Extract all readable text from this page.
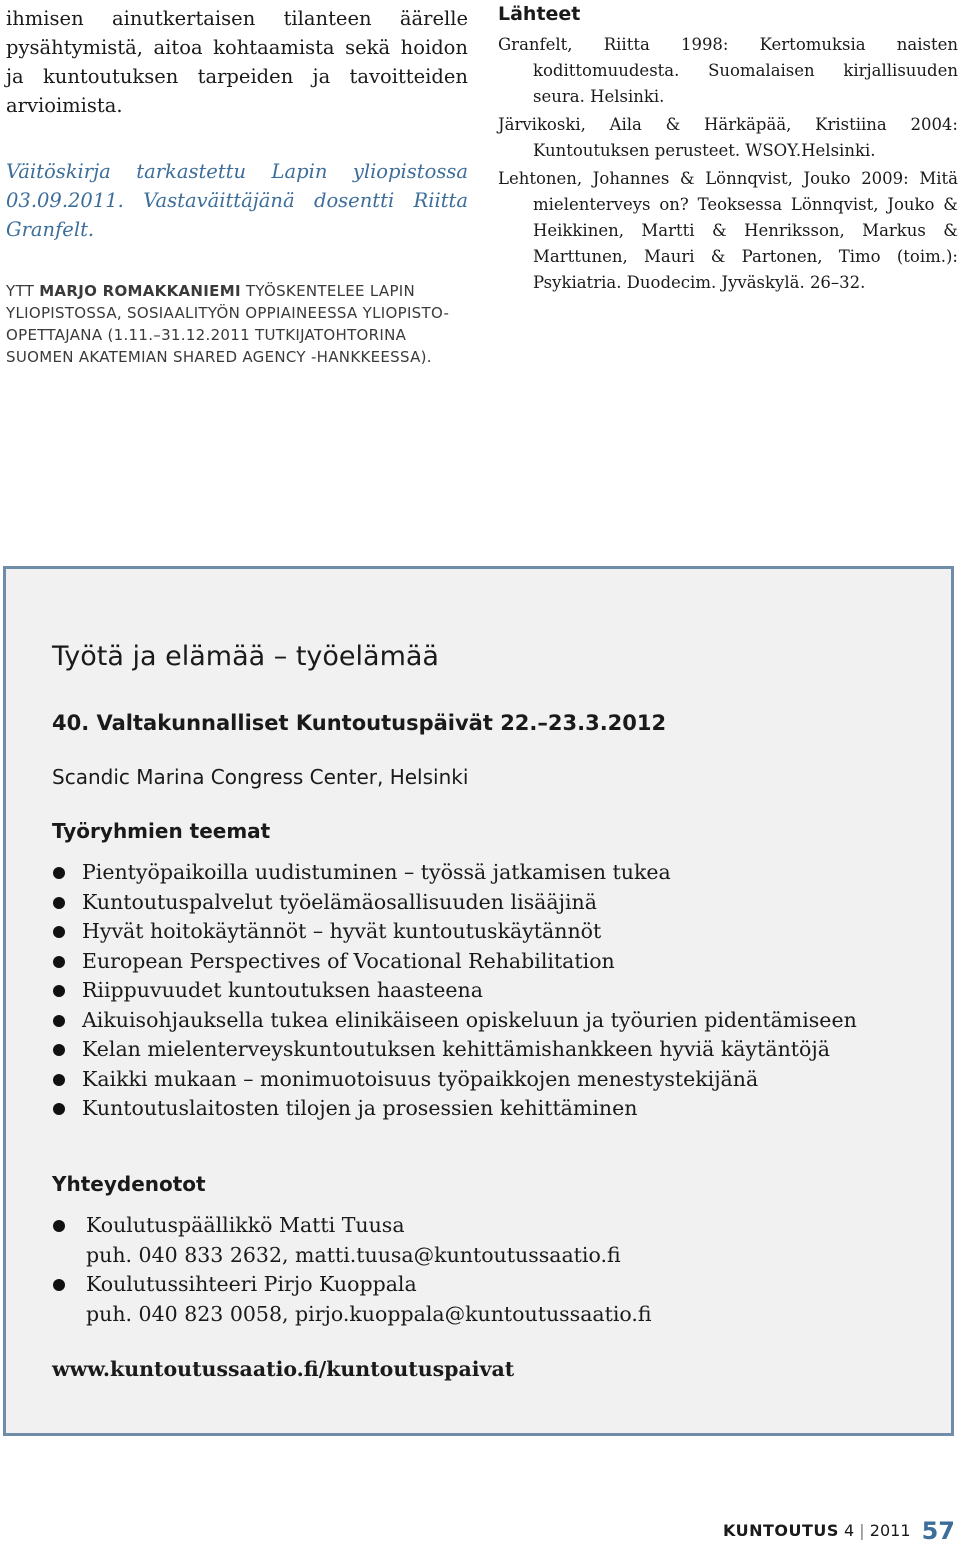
ihmisen ainutkertaisen tilanteen äärelle pysähtymistä, aitoa kohtaamista sekä hoidon ja kuntoutuksen tarpeiden ja tavoitteiden arvioimista.

Väitöskirja tarkastettu Lapin yliopistossa 03.09.2011. Vastaväittäjänä dosentti Riitta Granfelt.

YTT MARJO ROMAKKANIEMI TYÖSKENTELEE LAPIN YLIOPISTOSSA, SOSIAALITYÖN OPPIAINEESSA YLIOPISTO-OPETTAJANA (1.11.–31.12.2011 TUTKIJATOHTORINA SUOMEN AKATEMIAN SHARED AGENCY -HANKKEESSA).

Lähteet

Granfelt, Riitta 1998: Kertomuksia naisten kodittomuudesta. Suomalaisen kirjallisuuden seura. Helsinki.

Järvikoski, Aila & Härkäpää, Kristiina 2004: Kuntoutuksen perusteet. WSOY.Helsinki.

Lehtonen, Johannes & Lönnqvist, Jouko 2009: Mitä mielenterveys on? Teoksessa Lönnqvist, Jouko & Heikkinen, Martti & Henriksson, Markus & Marttunen, Mauri & Partonen, Timo (toim.): Psykiatria. Duodecim. Jyväskylä. 26–32.

Työtä ja elämää – työelämää
40. Valtakunnalliset Kuntoutuspäivät 22.–23.3.2012

Scandic Marina Congress Center, Helsinki

Työryhmien teemat
Pientyöpaikoilla uudistuminen – työssä jatkamisen tukea
Kuntoutuspalvelut työelämäosallisuuden lisääjinä
Hyvät hoitokäytännöt – hyvät kuntoutuskäytännöt
European Perspectives of Vocational Rehabilitation
Riippuvuudet kuntoutuksen haasteena
Aikuisohjauksella tukea elinikäiseen opiskeluun ja työurien pidentämiseen
Kelan mielenterveyskuntoutuksen kehittämishankkeen hyviä käytäntöjä
Kaikki mukaan – monimuotoisuus työpaikkojen menestystekijänä
Kuntoutuslaitosten tilojen ja prosessien kehittäminen
Yhteydenotot
Koulutuspäällikkö Matti Tuusa
puh. 040 833 2632, matti.tuusa@kuntoutussaatio.fi
Koulutussihteeri Pirjo Kuoppala
puh. 040 823 0058, pirjo.kuoppala@kuntoutussaatio.fi

www.kuntoutussaatio.fi/kuntoutuspaivat

KUNTOUTUS 4 | 2011 57
